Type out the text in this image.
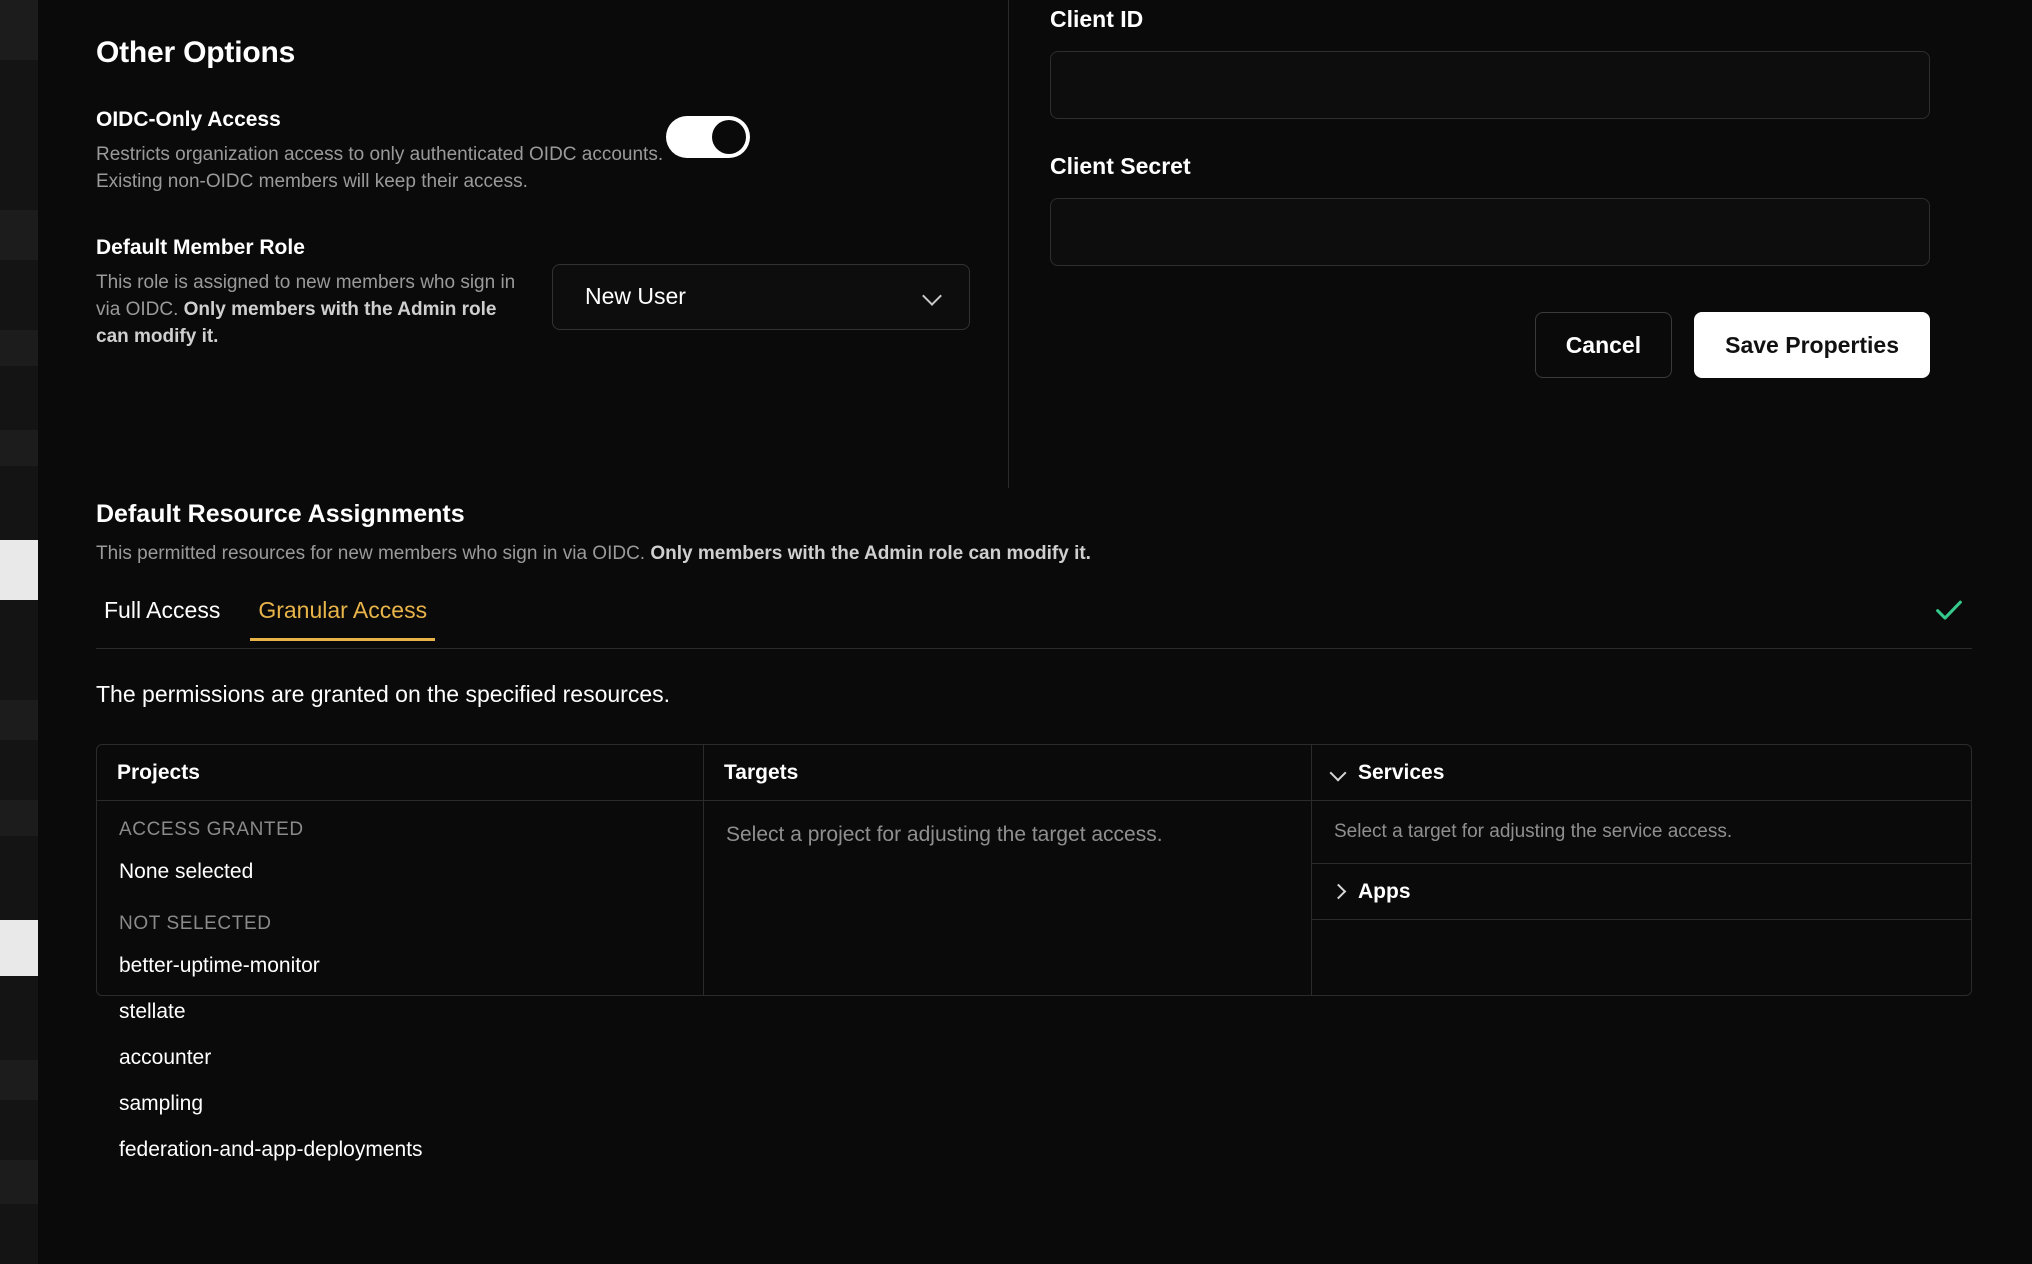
Other Options
OIDC-Only Access
Restricts organization access to only authenticated OIDC accounts.
Existing non-OIDC members will keep their access.
Default Member Role
This role is assigned to new members who sign in via OIDC. Only members with the Admin role can modify it.
New User
Client ID
Client Secret
Cancel	Save Properties
Default Resource Assignments
This permitted resources for new members who sign in via OIDC. Only members with the Admin role can modify it.
Full Access	Granular Access
The permissions are granted on the specified resources.
Projects
ACCESS GRANTED
None selected
NOT SELECTED
better-uptime-monitor
stellate
accounter
sampling
federation-and-app-deployments
Targets
Select a project for adjusting the target access.
Services
Select a target for adjusting the service access.
Apps
